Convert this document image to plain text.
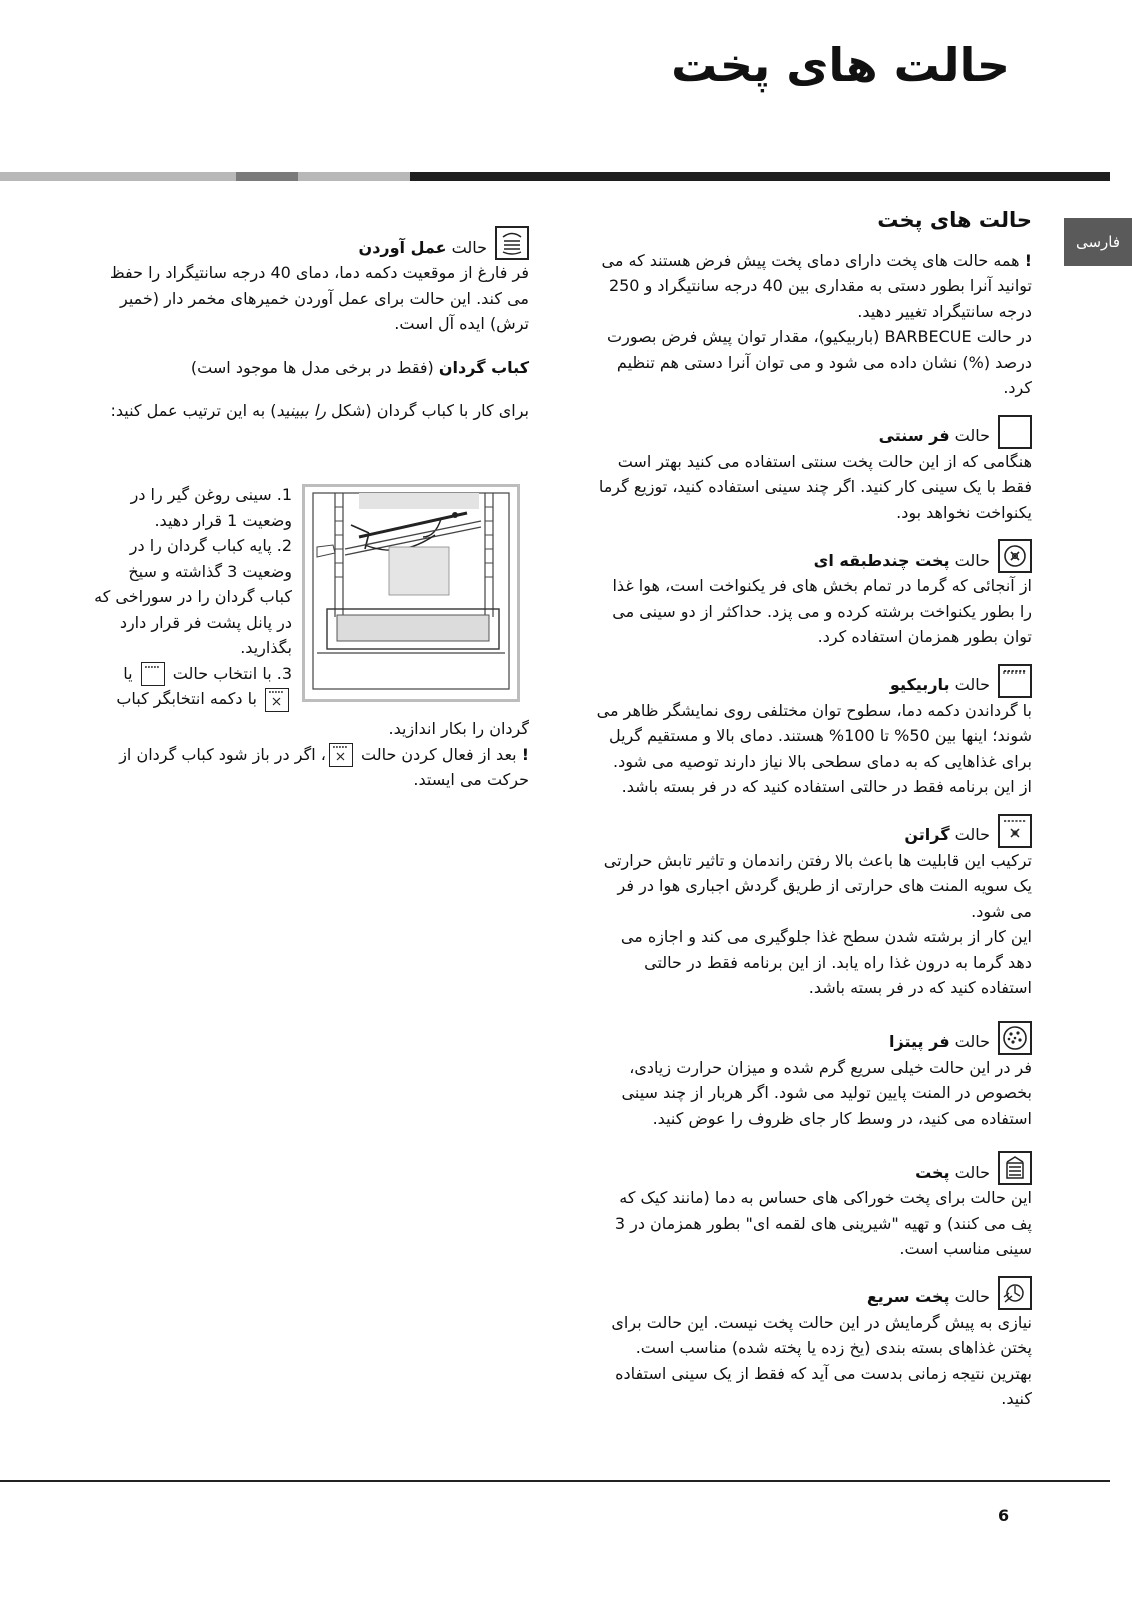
حالت های پخت
فارسی
حالت های پخت

! همه حالت های پخت دارای دمای پخت پیش فرض هستند که می توانید آنرا بطور دستی به مقداری بین 40 درجه سانتیگراد و 250 درجه سانتیگراد تغییر دهید.

در حالت BARBECUE (باربیکیو)، مقدار توان پیش فرض بصورت درصد (%) نشان داده می شود و می توان آنرا دستی هم تنظیم کرد.

حالت فر سنتی

هنگامی که از این حالت پخت سنتی استفاده می کنید بهتر است فقط با یک سینی کار کنید. اگر چند سینی استفاده کنید، توزیع گرما یکنواخت نخواهد بود.

حالت پخت چندطبقه ای

از آنجائی که گرما در تمام بخش های فر یکنواخت است، هوا غذا را بطور یکنواخت برشته کرده و می پزد. حداکثر از دو سینی می توان بطور همزمان استفاده کرد.

حالت باربیکیو

با گرداندن دکمه دما، سطوح توان مختلفی روی نمایشگر ظاهر می شوند؛ اینها بین 50% تا 100% هستند. دمای بالا و مستقیم گریل برای غذاهایی که به دمای سطحی بالا نیاز دارند توصیه می شود. از این برنامه فقط در حالتی استفاده کنید که در فر بسته باشد.

حالت گراتن

ترکیب این قابلیت ها باعث بالا رفتن راندمان و تاثیر تابش حرارتی یک سویه المنت های حرارتی از طریق گردش اجباری هوا در فر می شود.
این کار از برشته شدن سطح غذا جلوگیری می کند و اجازه می دهد گرما به درون غذا راه یابد. از این برنامه فقط در حالتی استفاده کنید که در فر بسته باشد.

حالت فر پیتزا

فر در این حالت خیلی سریع گرم شده و میزان حرارت زیادی، بخصوص در المنت پایین تولید می شود. اگر هربار از چند سینی استفاده می کنید، در وسط کار جای ظروف را عوض کنید.

حالت پخت

این حالت برای پخت خوراکی های حساس به دما (مانند کیک که پف می کنند) و تهیه "شیرینی های لقمه ای" بطور همزمان در 3 سینی مناسب است.

حالت پخت سریع

نیازی به پیش گرمایش در این حالت پخت نیست. این حالت برای پختن غذاهای بسته بندی (یخ زده یا پخته شده) مناسب است. بهترین نتیجه زمانی بدست می آید که فقط از یک سینی استفاده کنید.

حالت عمل آوردن

فر فارغ از موقعیت دکمه دما، دمای 40 درجه سانتیگراد را حفظ می کند. این حالت برای عمل آوردن خمیرهای مخمر دار (خمیر ترش) ایده آل است.

کباب گردان (فقط در برخی مدل ها موجود است)

برای کار با کباب گردان (شکل را ببینید) به این ترتیب عمل کنید:

1. سینی روغن گیر را در وضعیت 1 قرار دهید.

2. پایه کباب گردان را در وضعیت 3 گذاشته و سیخ کباب گردان را در سوراخی که در پانل پشت فر قرار دارد بگذارید.

3. با انتخاب حالت
یا
با دکمه انتخابگر کباب

گردان را بکار اندازید.

! بعد از فعال کردن حالت
، اگر در باز شود کباب گردان از حرکت می ایستد.

6
